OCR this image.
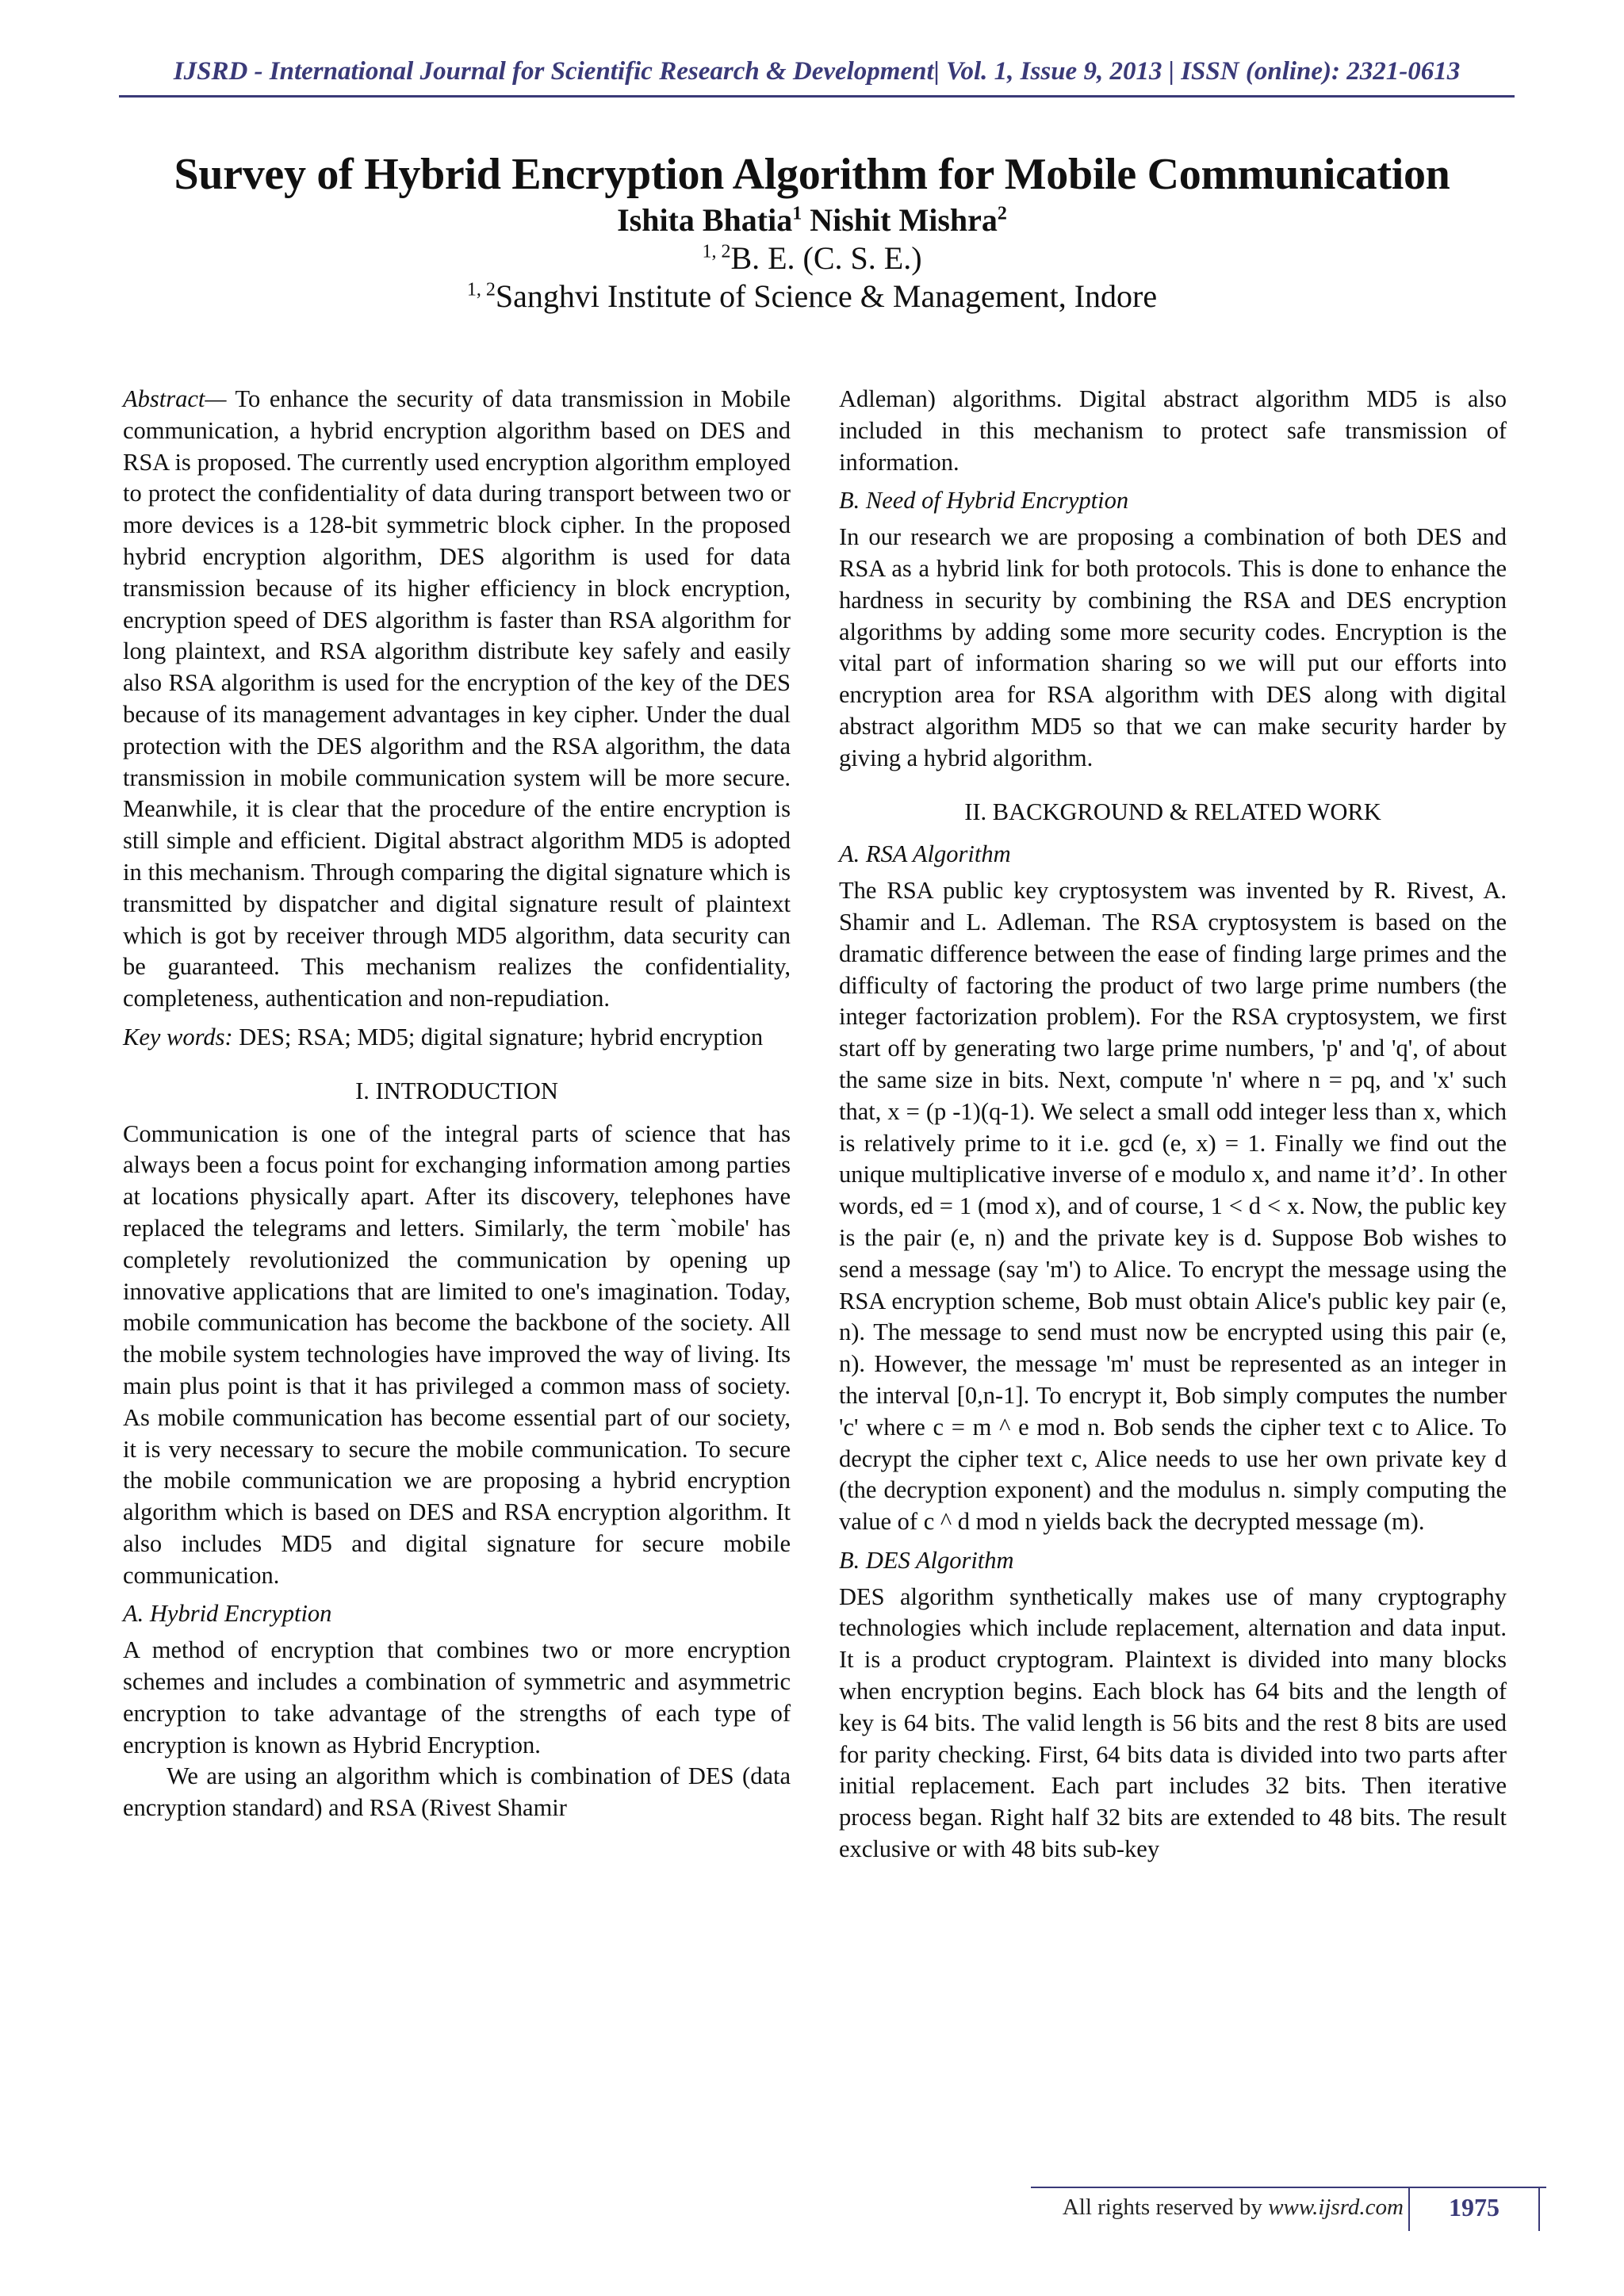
IJSRD - International Journal for Scientific Research & Development| Vol. 1, Issue 9, 2013 | ISSN (online): 2321-0613
Survey of Hybrid Encryption Algorithm for Mobile Communication
Ishita Bhatia$^1$ Nishit Mishra$^2$
$^{1, 2}$B. E. (C. S. E.)
$^{1, 2}$Sanghvi Institute of Science & Management, Indore

Abstract— To enhance the security of data transmission in Mobile communication, a hybrid encryption algorithm based on DES and RSA is proposed. The currently used encryption algorithm employed to protect the confidentiality of data during transport between two or more devices is a 128-bit symmetric block cipher. In the proposed hybrid encryption algorithm, DES algorithm is used for data transmission because of its higher efficiency in block encryption, encryption speed of DES algorithm is faster than RSA algorithm for long plaintext, and RSA algorithm distribute key safely and easily also RSA algorithm is used for the encryption of the key of the DES because of its management advantages in key cipher. Under the dual protection with the DES algorithm and the RSA algorithm, the data transmission in mobile communication system will be more secure. Meanwhile, it is clear that the procedure of the entire encryption is still simple and efficient. Digital abstract algorithm MD5 is adopted in this mechanism. Through comparing the digital signature which is transmitted by dispatcher and digital signature result of plaintext which is got by receiver through MD5 algorithm, data security can be guaranteed. This mechanism realizes the confidentiality, completeness, authentication and non-repudiation.

Key words: DES; RSA; MD5; digital signature; hybrid encryption

I. INTRODUCTION

Communication is one of the integral parts of science that has always been a focus point for exchanging information among parties at locations physically apart. After its discovery, telephones have replaced the telegrams and letters. Similarly, the term `mobile' has completely revolutionized the communication by opening up innovative applications that are limited to one's imagination. Today, mobile communication has become the backbone of the society. All the mobile system technologies have improved the way of living. Its main plus point is that it has privileged a common mass of society. As mobile communication has become essential part of our society, it is very necessary to secure the mobile communication. To secure the mobile communication we are proposing a hybrid encryption algorithm which is based on DES and RSA encryption algorithm. It also includes MD5 and digital signature for secure mobile communication.

A. Hybrid Encryption

A method of encryption that combines two or more encryption schemes and includes a combination of symmetric and asymmetric encryption to take advantage of the strengths of each type of encryption is known as Hybrid Encryption.

We are using an algorithm which is combination of DES (data encryption standard) and RSA (Rivest Shamir

Adleman) algorithms. Digital abstract algorithm MD5 is also included in this mechanism to protect safe transmission of information.

B. Need of Hybrid Encryption

In our research we are proposing a combination of both DES and RSA as a hybrid link for both protocols. This is done to enhance the hardness in security by combining the RSA and DES encryption algorithms by adding some more security codes. Encryption is the vital part of information sharing so we will put our efforts into encryption area for RSA algorithm with DES along with digital abstract algorithm MD5 so that we can make security harder by giving a hybrid algorithm.

II. BACKGROUND & RELATED WORK
A. RSA Algorithm

The RSA public key cryptosystem was invented by R. Rivest, A. Shamir and L. Adleman. The RSA cryptosystem is based on the dramatic difference between the ease of finding large primes and the difficulty of factoring the product of two large prime numbers (the integer factorization problem). For the RSA cryptosystem, we first start off by generating two large prime numbers, 'p' and 'q', of about the same size in bits. Next, compute 'n' where n = pq, and 'x' such that, x = (p -1)(q-1). We select a small odd integer less than x, which is relatively prime to it i.e. gcd (e, x) = 1. Finally we find out the unique multiplicative inverse of e modulo x, and name it’d’. In other words, ed = 1 (mod x), and of course, 1 < d < x. Now, the public key is the pair (e, n) and the private key is d. Suppose Bob wishes to send a message (say 'm') to Alice. To encrypt the message using the RSA encryption scheme, Bob must obtain Alice's public key pair (e, n). The message to send must now be encrypted using this pair (e, n). However, the message 'm' must be represented as an integer in the interval [0,n-1]. To encrypt it, Bob simply computes the number 'c' where c = m ^ e mod n. Bob sends the cipher text c to Alice. To decrypt the cipher text c, Alice needs to use her own private key d (the decryption exponent) and the modulus n. simply computing the value of c ^ d mod n yields back the decrypted message (m).

B. DES Algorithm

DES algorithm synthetically makes use of many cryptography technologies which include replacement, alternation and data input. It is a product cryptogram. Plaintext is divided into many blocks when encryption begins. Each block has 64 bits and the length of key is 64 bits. The valid length is 56 bits and the rest 8 bits are used for parity checking. First, 64 bits data is divided into two parts after initial replacement. Each part includes 32 bits. Then iterative process began. Right half 32 bits are extended to 48 bits. The result exclusive or with 48 bits sub-key

All rights reserved by www.ijsrd.com	1975
